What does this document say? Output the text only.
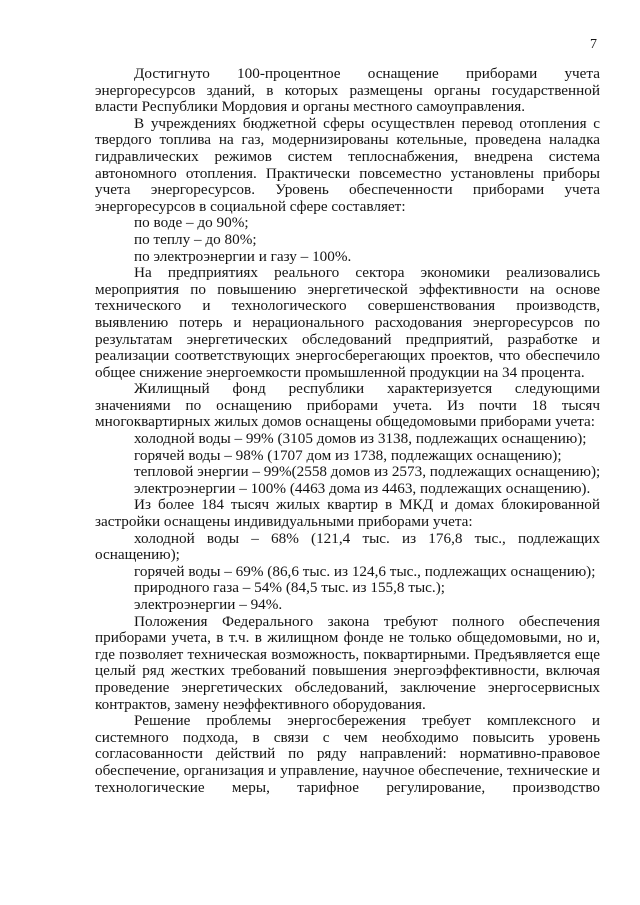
7
Достигнуто 100-процентное оснащение приборами учета
энергоресурсов зданий, в которых размещены органы государственной
власти Республики Мордовия и органы местного самоуправления.
В учреждениях бюджетной сферы осуществлен перевод отопления с
твердого топлива на газ, модернизированы котельные, проведена наладка
гидравлических режимов систем теплоснабжения, внедрена система
автономного отопления. Практически повсеместно установлены приборы
учета энергоресурсов. Уровень обеспеченности приборами учета
энергоресурсов в социальной сфере составляет:
по воде – до 90%;
по теплу – до 80%;
по электроэнергии и газу – 100%.
На предприятиях реального сектора экономики реализовались
мероприятия по повышению энергетической эффективности на основе
технического и технологического совершенствования производств,
выявлению потерь и нерационального расходования энергоресурсов по
результатам энергетических обследований предприятий, разработке и
реализации соответствующих энергосберегающих проектов, что обеспечило
общее снижение энергоемкости промышленной продукции на 34 процента.
Жилищный фонд республики характеризуется следующими
значениями по оснащению приборами учета. Из почти 18 тысяч
многоквартирных жилых домов оснащены общедомовыми приборами учета:
холодной воды – 99% (3105 домов из 3138, подлежащих оснащению);
горячей воды – 98% (1707 дом из 1738, подлежащих оснащению);
тепловой энергии – 99%(2558 домов из 2573, подлежащих оснащению);
электроэнергии – 100% (4463 дома из 4463, подлежащих оснащению).
Из более 184 тысяч жилых квартир в МКД и домах блокированной
застройки оснащены индивидуальными приборами учета:
холодной воды – 68% (121,4 тыс. из 176,8 тыс., подлежащих
оснащению);
горячей воды – 69% (86,6 тыс. из 124,6 тыс., подлежащих оснащению);
природного газа – 54% (84,5 тыс. из 155,8 тыс.);
электроэнергии – 94%.
Положения Федерального закона требуют полного обеспечения
приборами учета, в т.ч. в жилищном фонде не только общедомовыми, но и,
где позволяет техническая возможность, поквартирными. Предъявляется еще
целый ряд жестких требований повышения энергоэффективности, включая
проведение энергетических обследований, заключение энергосервисных
контрактов, замену неэффективного оборудования.
Решение проблемы энергосбережения требует комплексного и
системного подхода, в связи с чем необходимо повысить уровень
согласованности действий по ряду направлений: нормативно-правовое
обеспечение, организация и управление, научное обеспечение, технические и
технологические меры, тарифное регулирование, производство
